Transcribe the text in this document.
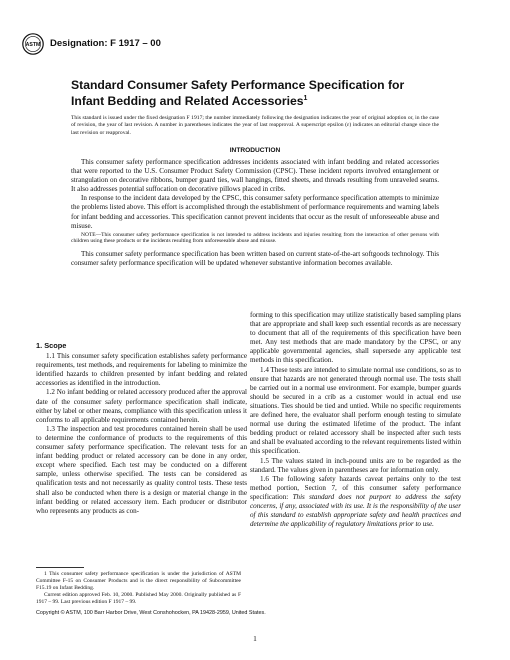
ASTM Designation: F 1917 – 00
Standard Consumer Safety Performance Specification for
Infant Bedding and Related Accessories$^1$
This standard is issued under the fixed designation F 1917; the number immediately following the designation indicates the year of original adoption or, in the case of revision, the year of last revision. A number in parentheses indicates the year of last reapproval. A superscript epsilon (ε) indicates an editorial change since the last revision or reapproval.
INTRODUCTION

This consumer safety performance specification addresses incidents associated with infant bedding and related accessories that were reported to the U.S. Consumer Product Safety Commission (CPSC). These incident reports involved entanglement or strangulation on decorative ribbons, bumper guard ties, wall hangings, fitted sheets, and threads resulting from unraveled seams. It also addresses potential suffocation on decorative pillows placed in cribs.

In response to the incident data developed by the CPSC, this consumer safety performance specification attempts to minimize the problems listed above. This effort is accomplished through the establishment of performance requirements and warning labels for infant bedding and accessories. This specification cannot prevent incidents that occur as the result of unforeseeable abuse and misuse.

NOTE—This consumer safety performance specification is not intended to address incidents and injuries resulting from the interaction of other persons with children using these products or the incidents resulting from unforeseeable abuse and misuse.

This consumer safety performance specification has been written based on current state-of-the-art softgoods technology. This consumer safety performance specification will be updated whenever substantive information becomes available.

1. Scope

1.1 This consumer safety specification establishes safety performance requirements, test methods, and requirements for labeling to minimize the identified hazards to children presented by infant bedding and related accessories as identified in the introduction.

1.2 No infant bedding or related accessory produced after the approval date of the consumer safety performance specification shall indicate, either by label or other means, compliance with this specification unless it conforms to all applicable requirements contained herein.

1.3 The inspection and test procedures contained herein shall be used to determine the conformance of products to the requirements of this consumer safety performance specification. The relevant tests for an infant bedding product or related accessory can be done in any order, except where specified. Each test may be conducted on a different sample, unless otherwise specified. The tests can be considered as qualification tests and not necessarily as quality control tests. These tests shall also be conducted when there is a design or material change in the infant bedding or related accessory item. Each producer or distributor who represents any products as con-

forming to this specification may utilize statistically based sampling plans that are appropriate and shall keep such essential records as are necessary to document that all of the requirements of this specification have been met. Any test methods that are made mandatory by the CPSC, or any applicable governmental agencies, shall supersede any applicable test methods in this specification.

1.4 These tests are intended to simulate normal use conditions, so as to ensure that hazards are not generated through normal use. The tests shall be carried out in a normal use environment. For example, bumper guards should be secured in a crib as a customer would in actual end use situations. Ties should be tied and untied. While no specific requirements are defined here, the evaluator shall perform enough testing to simulate normal use during the estimated lifetime of the product. The infant bedding product or related accessory shall be inspected after such tests and shall be evaluated according to the relevant requirements listed within this specification.

1.5 The values stated in inch-pound units are to be regarded as the standard. The values given in parentheses are for information only.

1.6 The following safety hazards caveat pertains only to the test method portion, Section 7, of this consumer safety performance specification: This standard does not purport to address the safety concerns, if any, associated with its use. It is the responsibility of the user of this standard to establish appropriate safety and health practices and determine the applicability of regulatory limitations prior to use.

1 This consumer safety performance specification is under the jurisdiction of ASTM Committee F-15 on Consumer Products and is the direct responsibility of Subcommittee F15.19 on Infant Bedding.

Current edition approved Feb. 10, 2000. Published May 2000. Originally published as F 1917 – 99. Last previous edition F 1917 – 99.

Copyright © ASTM, 100 Barr Harbor Drive, West Conshohocken, PA 19428-2959, United States.
1
